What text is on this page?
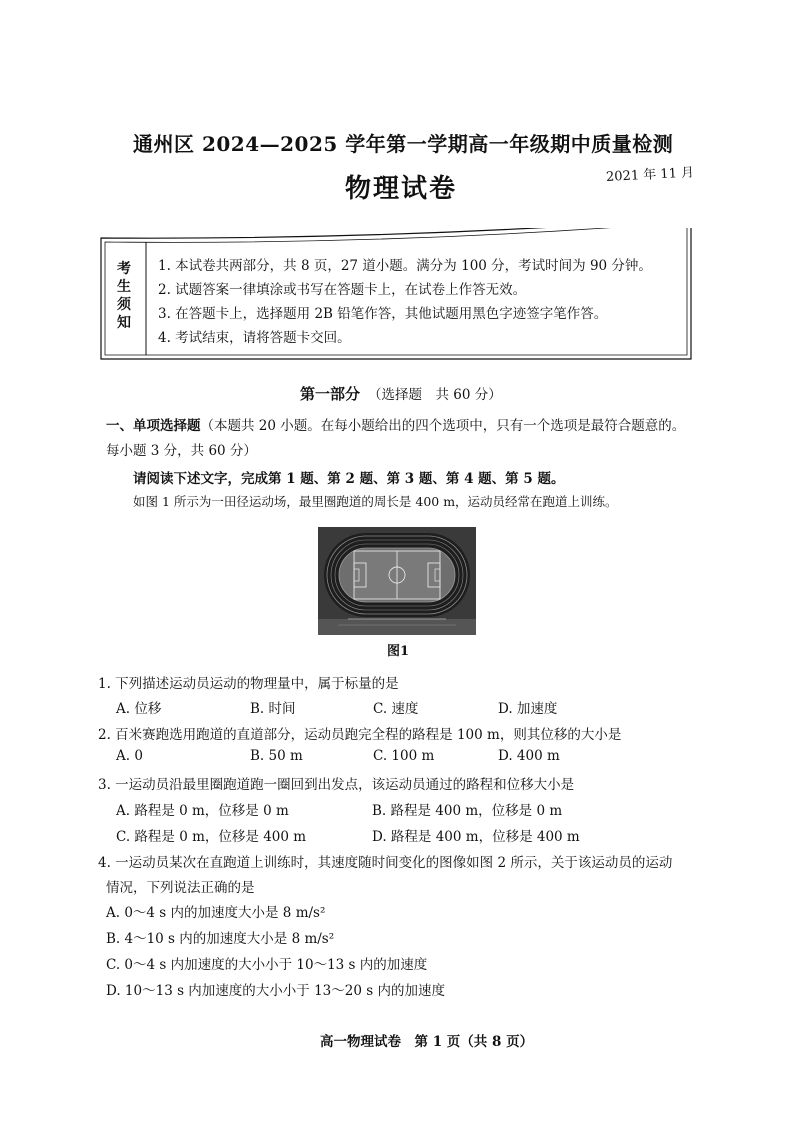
通州区 2024—2025 学年第一学期高一年级期中质量检测
物理试卷	2021 年 11 月
考
生
须
知
1. 本试卷共两部分，共 8 页，27 道小题。满分为 100 分，考试时间为 90 分钟。
2. 试题答案一律填涂或书写在答题卡上，在试卷上作答无效。
3. 在答题卡上，选择题用 2B 铅笔作答，其他试题用黑色字迹签字笔作答。
4. 考试结束，请将答题卡交回。
第一部分 （选择题　共 60 分）
一、单项选择题（本题共 20 小题。在每小题给出的四个选项中，只有一个选项是最符合题意的。
每小题 3 分，共 60 分）
请阅读下述文字，完成第 1 题、第 2 题、第 3 题、第 4 题、第 5 题。
如图 1 所示为一田径运动场，最里圈跑道的周长是 400 m，运动员经常在跑道上训练。
图1
1. 下列描述运动员运动的物理量中，属于标量的是
A. 位移	B. 时间	C. 速度	D. 加速度
2. 百米赛跑选用跑道的直道部分，运动员跑完全程的路程是 100 m，则其位移的大小是
A. 0	B. 50 m	C. 100 m	D. 400 m
3. 一运动员沿最里圈跑道跑一圈回到出发点，该运动员通过的路程和位移大小是
A. 路程是 0 m，位移是 0 m	B. 路程是 400 m，位移是 0 m
C. 路程是 0 m，位移是 400 m	D. 路程是 400 m，位移是 400 m
4. 一运动员某次在直跑道上训练时，其速度随时间变化的图像如图 2 所示，关于该运动员的运动
情况，下列说法正确的是
A. 0～4 s 内的加速度大小是 8 m/s²
B. 4～10 s 内的加速度大小是 8 m/s²
C. 0～4 s 内加速度的大小小于 10～13 s 内的加速度
D. 10～13 s 内加速度的大小小于 13～20 s 内的加速度
高一物理试卷　第 1 页（共 8 页）
